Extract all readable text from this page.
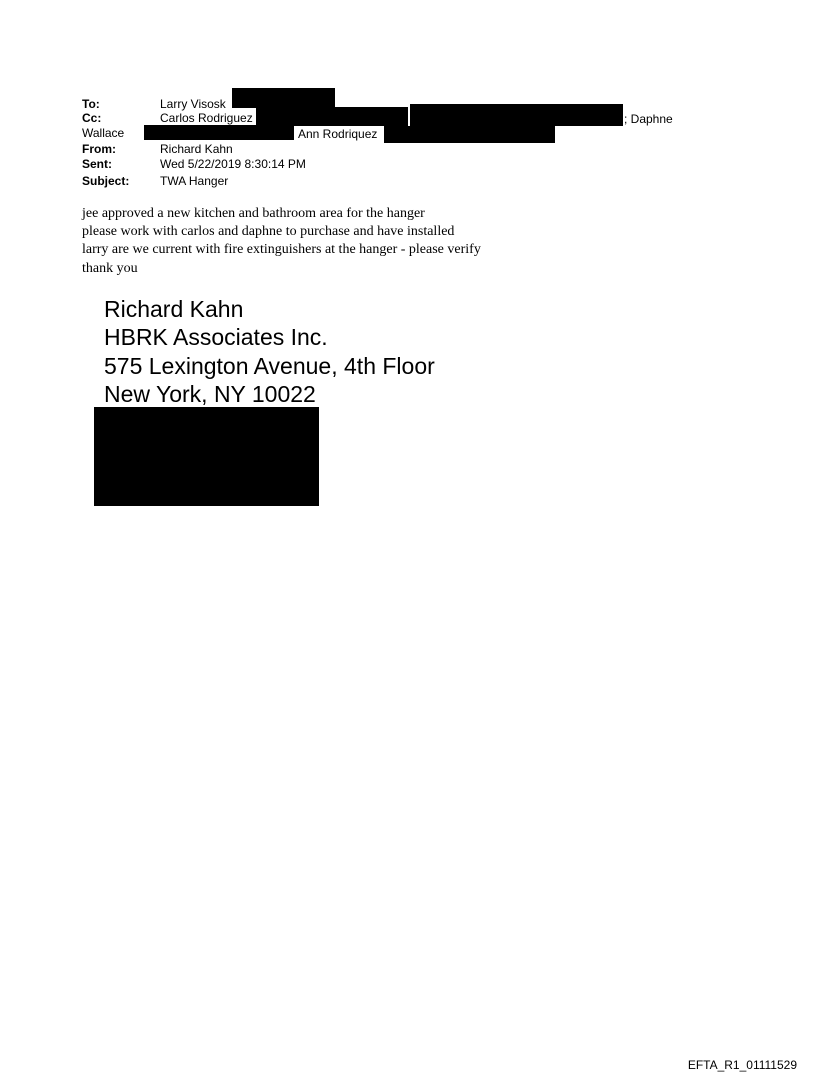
To:	Larry Visosk
Cc:	Carlos Rodriguez	; Daphne
Wallace	Ann Rodriquez
From:	Richard Kahn
Sent:	Wed 5/22/2019 8:30:14 PM
Subject:	TWA Hanger
jee approved a new kitchen and bathroom area for the hanger
please work with carlos and daphne to purchase and have installed
larry are we current with fire extinguishers at the hanger - please verify
thank you
Richard Kahn
HBRK Associates Inc.
575 Lexington Avenue, 4th Floor
New York, NY 10022
EFTA_R1_01111529
